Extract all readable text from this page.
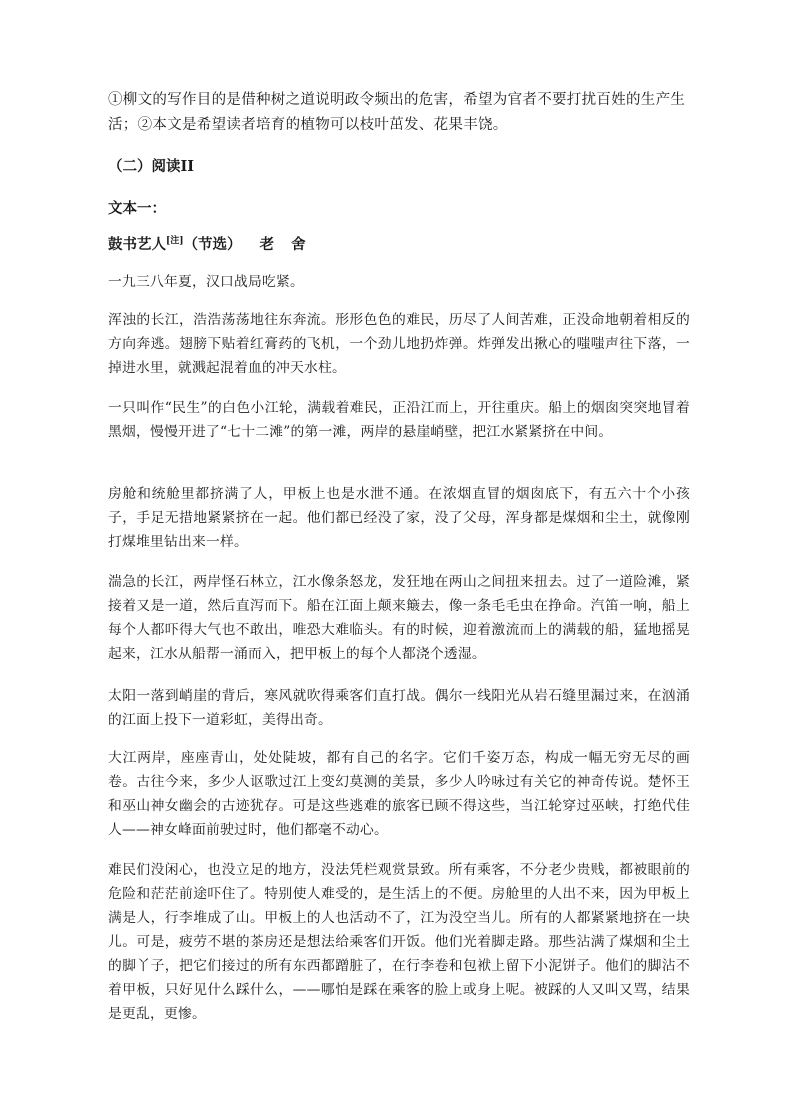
①柳文的写作目的是借种树之道说明政令频出的危害，希望为官者不要打扰百姓的生产生活；②本文是希望读者培育的植物可以枝叶茁发、花果丰饶。

（二）阅读II

文本一：

鼓书艺人[注]（节选） 老 舍

一九三八年夏，汉口战局吃紧。

浑浊的长江，浩浩荡荡地往东奔流。形形色色的难民，历尽了人间苦难，正没命地朝着相反的方向奔逃。翅膀下贴着红膏药的飞机，一个劲儿地扔炸弹。炸弹发出揪心的嗤嗤声往下落，一掉进水里，就溅起混着血的冲天水柱。

一只叫作“民生”的白色小江轮，满载着难民，正沿江而上，开往重庆。船上的烟囱突突地冒着黑烟，慢慢开进了“七十二滩”的第一滩，两岸的悬崖峭壁，把江水紧紧挤在中间。

房舱和统舱里都挤满了人，甲板上也是水泄不通。在浓烟直冒的烟囱底下，有五六十个小孩子，手足无措地紧紧挤在一起。他们都已经没了家，没了父母，浑身都是煤烟和尘土，就像刚打煤堆里钻出来一样。

湍急的长江，两岸怪石林立，江水像条怒龙，发狂地在两山之间扭来扭去。过了一道险滩，紧接着又是一道，然后直泻而下。船在江面上颠来簸去，像一条毛毛虫在挣命。汽笛一响，船上每个人都吓得大气也不敢出，唯恐大难临头。有的时候，迎着激流而上的满载的船，猛地摇晃起来，江水从船帮一涌而入，把甲板上的每个人都浇个透湿。

太阳一落到峭崖的背后，寒风就吹得乘客们直打战。偶尔一线阳光从岩石缝里漏过来，在汹涌的江面上投下一道彩虹，美得出奇。

大江两岸，座座青山，处处陡坡，都有自己的名字。它们千姿万态，构成一幅无穷无尽的画卷。古往今来，多少人讴歌过江上变幻莫测的美景，多少人吟咏过有关它的神奇传说。楚怀王和巫山神女幽会的古迹犹存。可是这些逃难的旅客已顾不得这些，当江轮穿过巫峡，打绝代佳人——神女峰面前驶过时，他们都毫不动心。

难民们没闲心，也没立足的地方，没法凭栏观赏景致。所有乘客，不分老少贵贱，都被眼前的危险和茫茫前途吓住了。特别使人难受的，是生活上的不便。房舱里的人出不来，因为甲板上满是人，行李堆成了山。甲板上的人也活动不了，江为没空当儿。所有的人都紧紧地挤在一块儿。可是，疲劳不堪的茶房还是想法给乘客们开饭。他们光着脚走路。那些沾满了煤烟和尘土的脚丫子，把它们接过的所有东西都蹭脏了，在行李卷和包袱上留下小泥饼子。他们的脚沾不着甲板，只好见什么踩什么，——哪怕是踩在乘客的脸上或身上呢。被踩的人又叫又骂，结果是更乱，更惨。
